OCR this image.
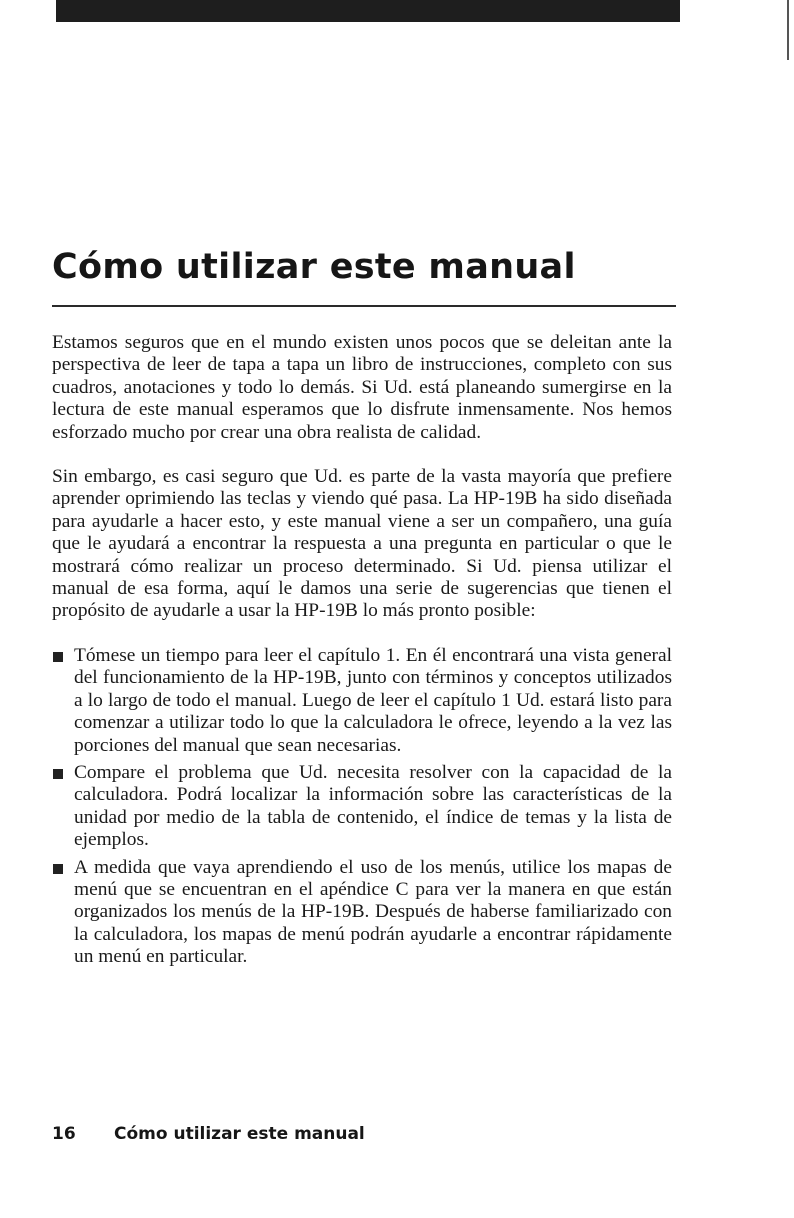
Cómo utilizar este manual

Estamos seguros que en el mundo existen unos pocos que se deleitan ante la perspectiva de leer de tapa a tapa un libro de instrucciones, completo con sus cuadros, anotaciones y todo lo demás. Si Ud. está planeando sumergirse en la lectura de este manual esperamos que lo disfrute inmensamente. Nos hemos esforzado mucho por crear una obra realista de calidad.

Sin embargo, es casi seguro que Ud. es parte de la vasta mayoría que prefiere aprender oprimiendo las teclas y viendo qué pasa. La HP-19B ha sido diseñada para ayudarle a hacer esto, y este manual viene a ser un compañero, una guía que le ayudará a encontrar la respuesta a una pregunta en particular o que le mostrará cómo realizar un proceso determinado. Si Ud. piensa utilizar el manual de esa forma, aquí le damos una serie de sugerencias que tienen el propósito de ayudarle a usar la HP-19B lo más pronto posible:

Tómese un tiempo para leer el capítulo 1. En él encontrará una vista general del funcionamiento de la HP-19B, junto con términos y conceptos utilizados a lo largo de todo el manual. Luego de leer el capítulo 1 Ud. estará listo para comenzar a utilizar todo lo que la calculadora le ofrece, leyendo a la vez las porciones del manual que sean necesarias.
Compare el problema que Ud. necesita resolver con la capacidad de la calculadora. Podrá localizar la información sobre las características de la unidad por medio de la tabla de contenido, el índice de temas y la lista de ejemplos.
A medida que vaya aprendiendo el uso de los menús, utilice los mapas de menú que se encuentran en el apéndice C para ver la manera en que están organizados los menús de la HP-19B. Después de haberse familiarizado con la calculadora, los mapas de menú podrán ayudarle a encontrar rápidamente un menú en particular.
16 Cómo utilizar este manual
